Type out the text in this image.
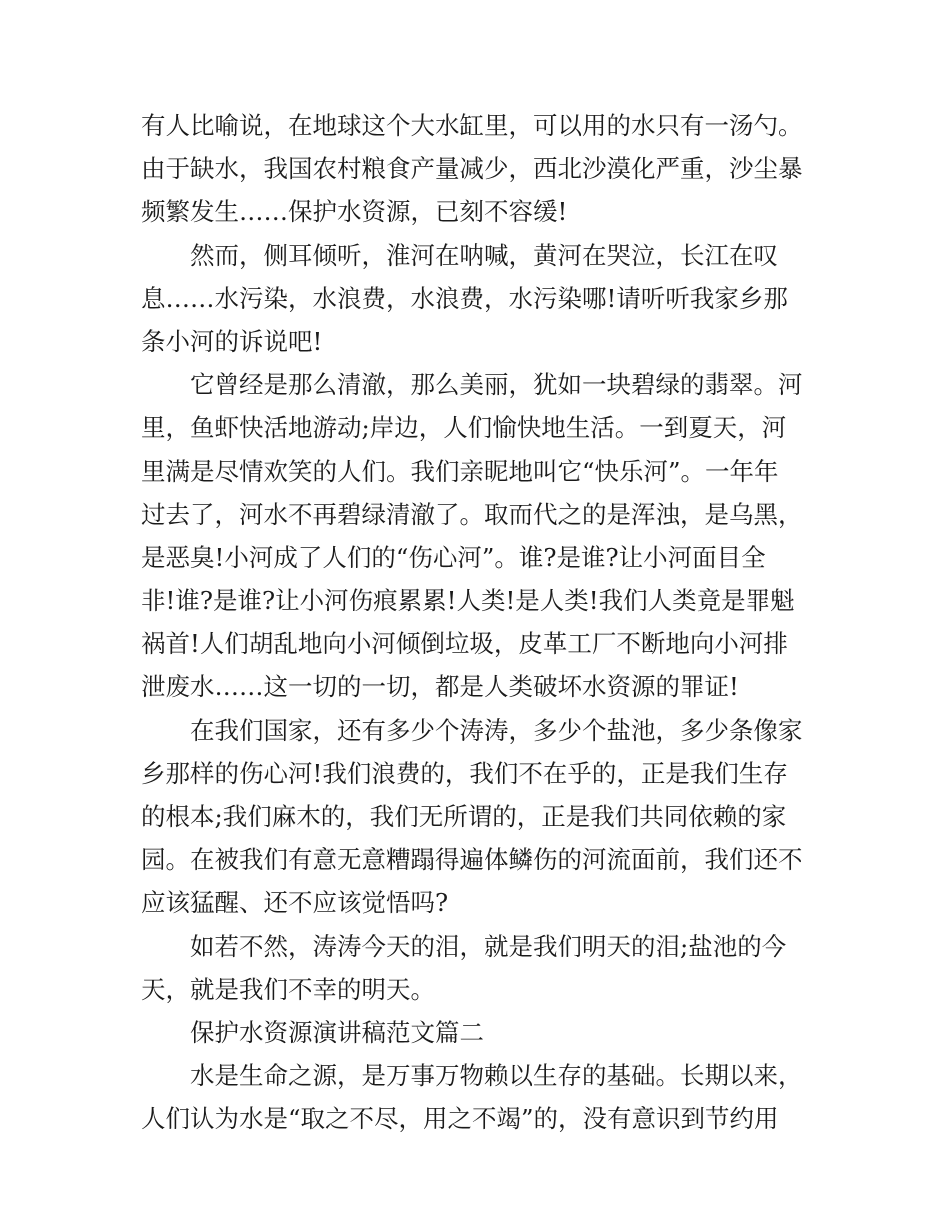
有人比喻说，在地球这个大水缸里，可以用的水只有一汤勺。
由于缺水，我国农村粮食产量减少，西北沙漠化严重，沙尘暴
频繁发生……保护水资源，已刻不容缓!

　　然而，侧耳倾听，淮河在呐喊，黄河在哭泣，长江在叹
息……水污染，水浪费，水浪费，水污染哪!请听听我家乡那
条小河的诉说吧!

　　它曾经是那么清澈，那么美丽，犹如一块碧绿的翡翠。河
里，鱼虾快活地游动;岸边，人们愉快地生活。一到夏天，河
里满是尽情欢笑的人们。我们亲昵地叫它“快乐河”。一年年
过去了，河水不再碧绿清澈了。取而代之的是浑浊，是乌黑，
是恶臭!小河成了人们的“伤心河”。谁?是谁?让小河面目全
非!谁?是谁?让小河伤痕累累!人类!是人类!我们人类竟是罪魁
祸首!人们胡乱地向小河倾倒垃圾，皮革工厂不断地向小河排
泄废水……这一切的一切，都是人类破坏水资源的罪证!

　　在我们国家，还有多少个涛涛，多少个盐池，多少条像家
乡那样的伤心河!我们浪费的，我们不在乎的，正是我们生存
的根本;我们麻木的，我们无所谓的，正是我们共同依赖的家
园。在被我们有意无意糟蹋得遍体鳞伤的河流面前，我们还不
应该猛醒、还不应该觉悟吗?

　　如若不然，涛涛今天的泪，就是我们明天的泪;盐池的今
天，就是我们不幸的明天。

　　保护水资源演讲稿范文篇二

　　水是生命之源，是万事万物赖以生存的基础。长期以来，
人们认为水是“取之不尽，用之不竭”的，没有意识到节约用
